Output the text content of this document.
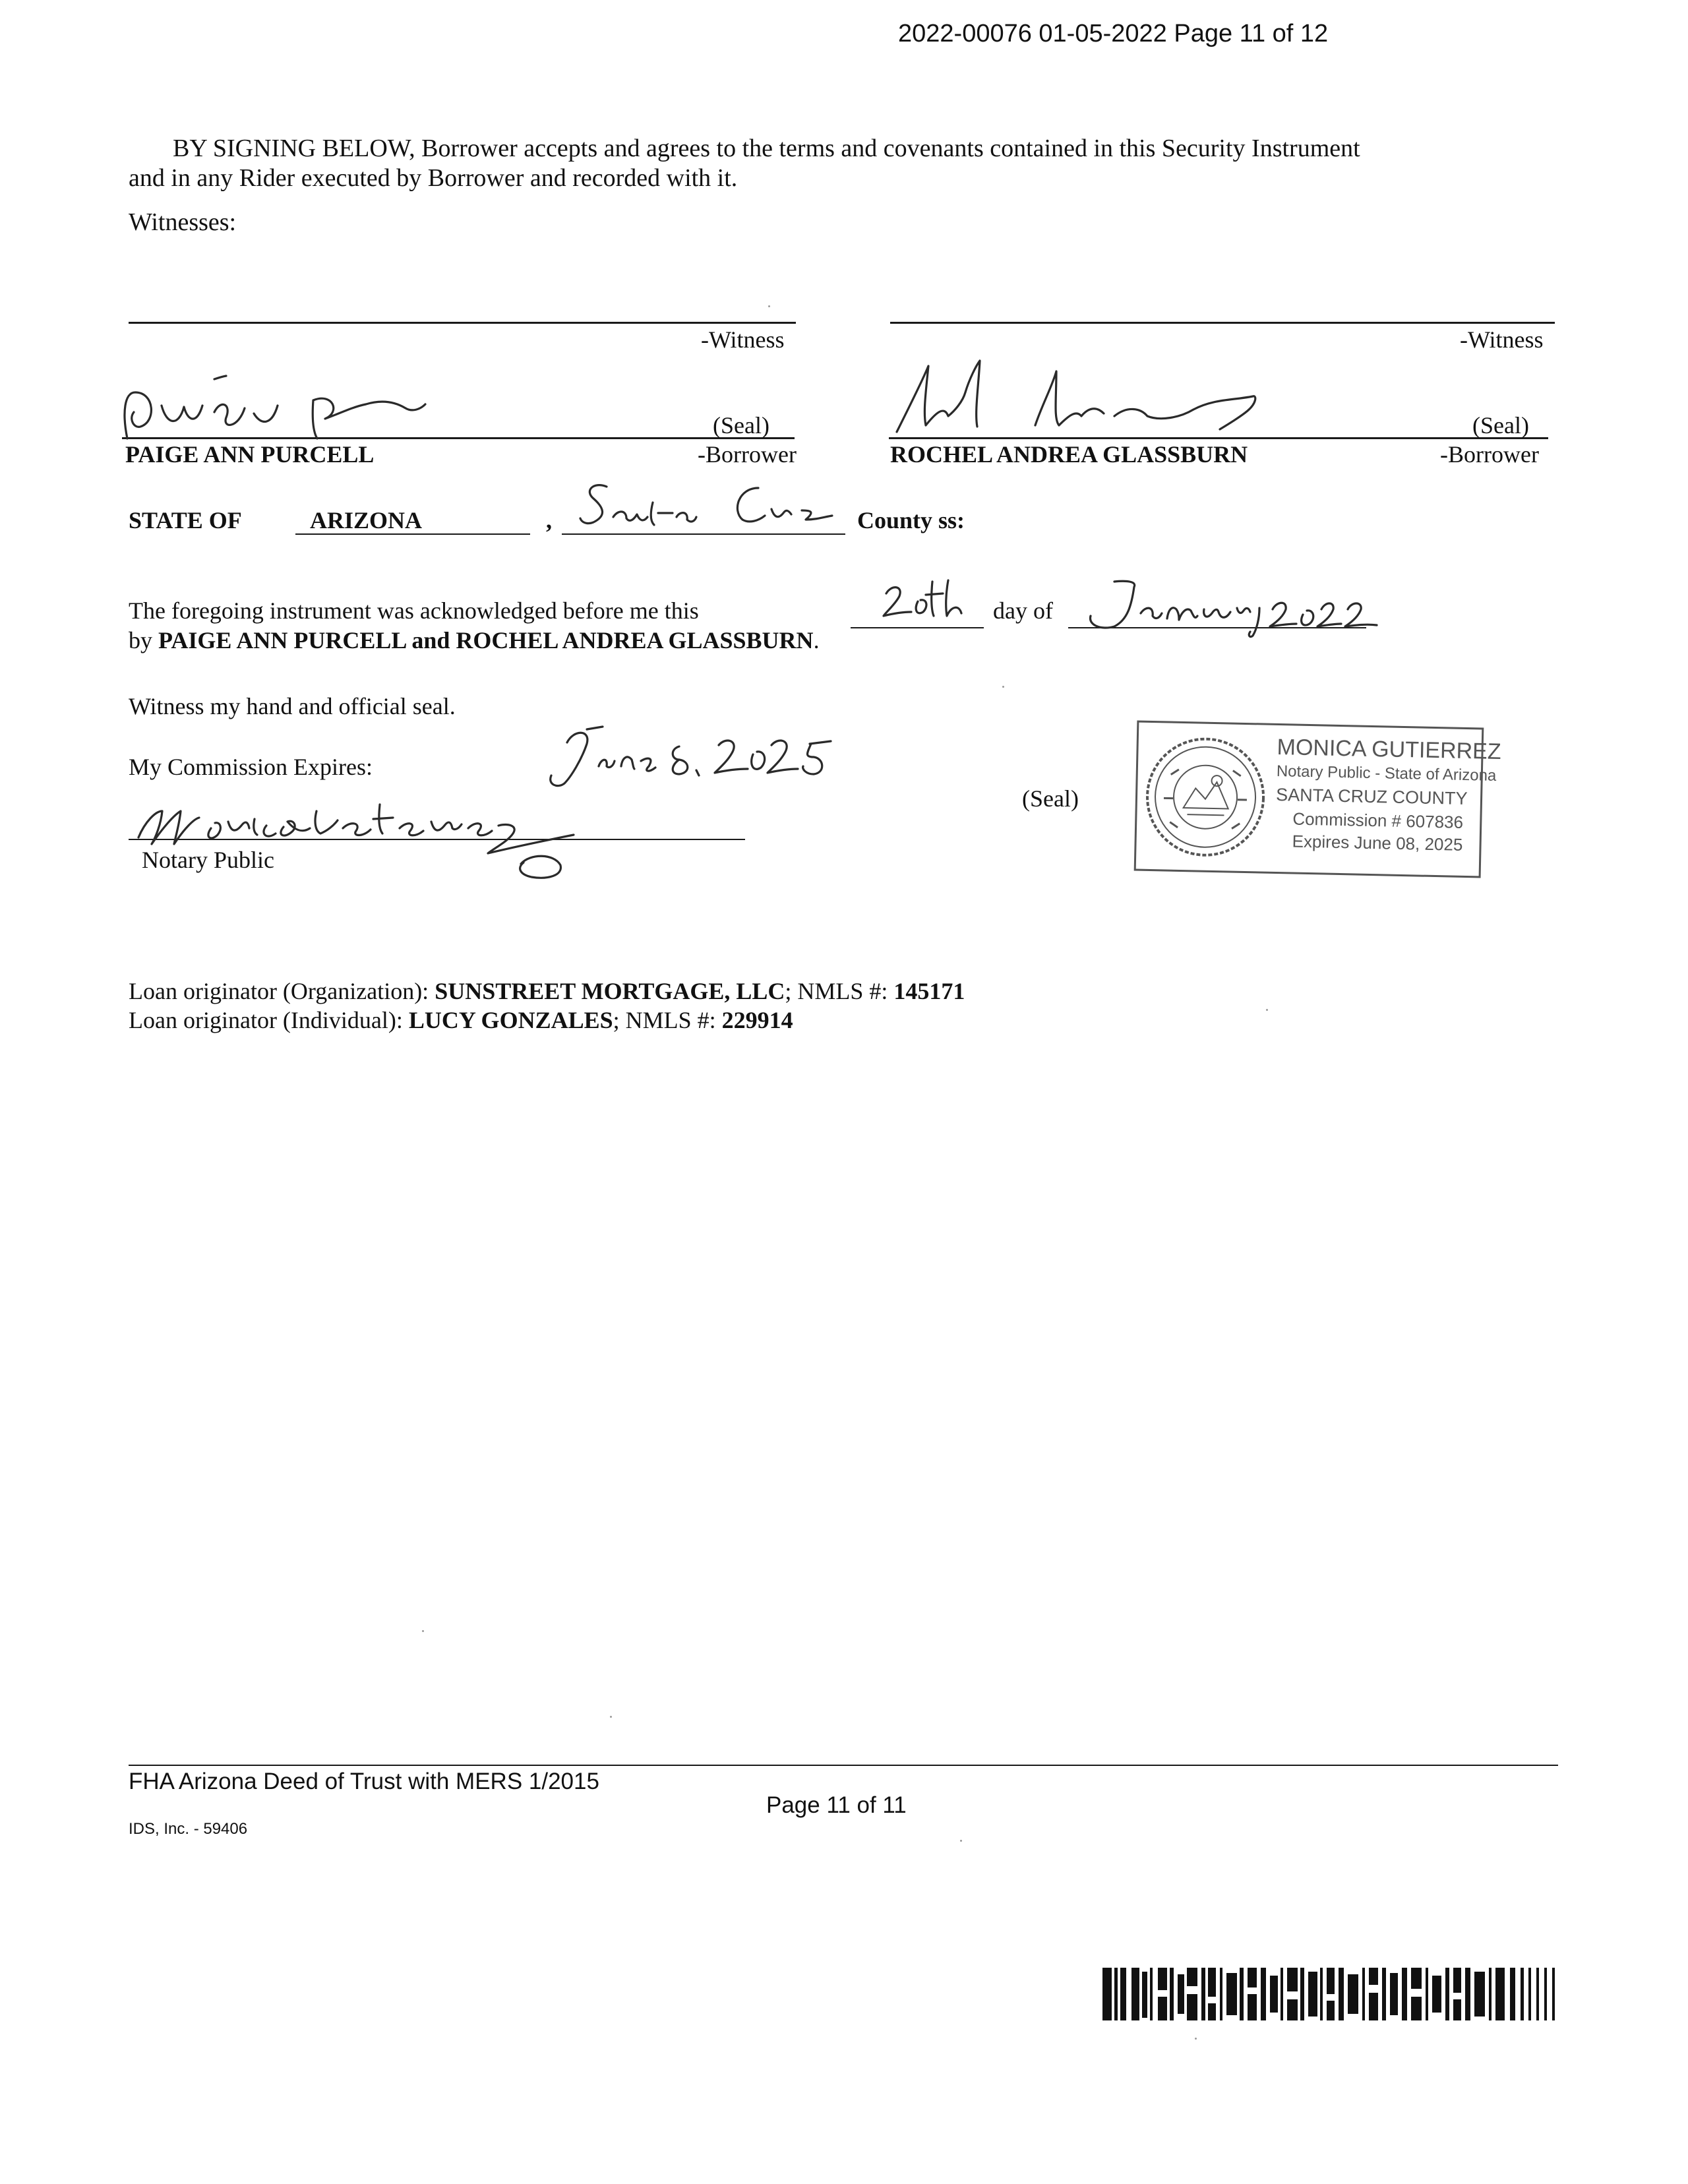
2022-00076 01-05-2022 Page 11 of 12
BY SIGNING BELOW, Borrower accepts and agrees to the terms and covenants contained in this Security Instrument
and in any Rider executed by Borrower and recorded with it.
Witnesses:
-Witness	-Witness
(Seal)	(Seal)
PAIGE ANN PURCELL	-Borrower	ROCHEL ANDREA GLASSBURN	-Borrower
STATE OF	ARIZONA	,	County ss:
The foregoing instrument was acknowledged before me this	day of
by PAIGE ANN PURCELL and ROCHEL ANDREA GLASSBURN.
Witness my hand and official seal.
My Commission Expires:
Notary Public
(Seal)
MONICA GUTIERREZ
Notary Public - State of Arizona
SANTA CRUZ COUNTY
Commission # 607836
Expires June 08, 2025
Loan originator (Organization): SUNSTREET MORTGAGE, LLC; NMLS #: 145171
Loan originator (Individual): LUCY GONZALES; NMLS #: 229914
FHA Arizona Deed of Trust with MERS 1/2015
Page 11 of 11
IDS, Inc. - 59406
